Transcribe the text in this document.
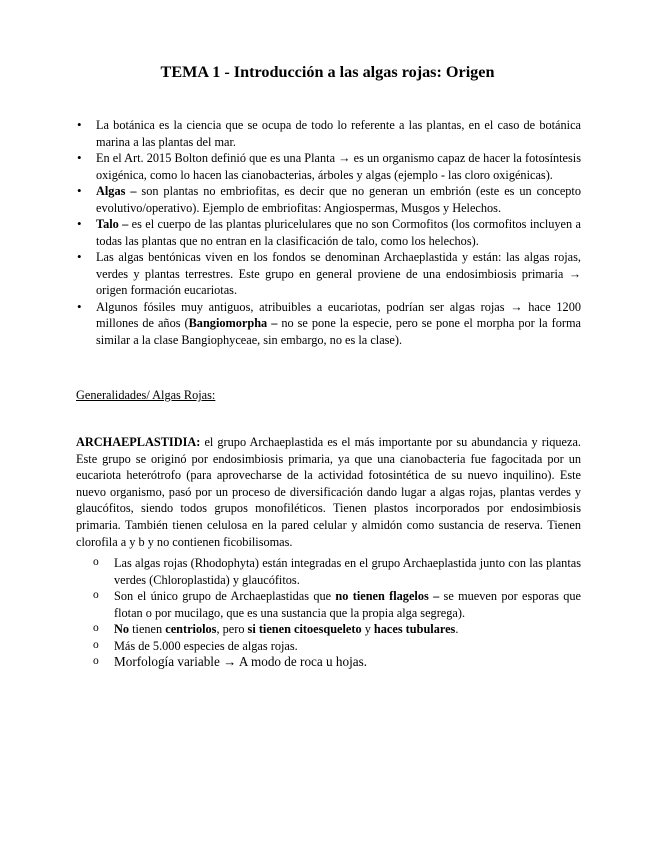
TEMA 1 - Introducción a las algas rojas: Origen
• La botánica es la ciencia que se ocupa de todo lo referente a las plantas, en el caso de botánica marina a las plantas del mar.
• En el Art. 2015 Bolton definió que es una Planta → es un organismo capaz de hacer la fotosíntesis oxigénica, como lo hacen las cianobacterias, árboles y algas (ejemplo - las cloro oxigénicas).
• Algas – son plantas no embriofitas, es decir que no generan un embrión (este es un concepto evolutivo/operativo). Ejemplo de embriofitas: Angiospermas, Musgos y Helechos.
• Talo – es el cuerpo de las plantas pluricelulares que no son Cormofitos (los cormofitos incluyen a todas las plantas que no entran en la clasificación de talo, como los helechos).
• Las algas bentónicas viven en los fondos se denominan Archaeplastida y están: las algas rojas, verdes y plantas terrestres. Este grupo en general proviene de una endosimbiosis primaria → origen formación eucariotas.
• Algunos fósiles muy antiguos, atribuibles a eucariotas, podrían ser algas rojas → hace 1200 millones de años (Bangiomorpha – no se pone la especie, pero se pone el morpha por la forma similar a la clase Bangiophyceae, sin embargo, no es la clase).

Generalidades/ Algas Rojas:

ARCHAEPLASTIDIA: el grupo Archaeplastida es el más importante por su abundancia y riqueza. Este grupo se originó por endosimbiosis primaria, ya que una cianobacteria fue fagocitada por un eucariota heterótrofo (para aprovecharse de la actividad fotosintética de su nuevo inquilino). Este nuevo organismo, pasó por un proceso de diversificación dando lugar a algas rojas, plantas verdes y glaucófitos, siendo todos grupos monofiléticos. Tienen plastos incorporados por endosimbiosis primaria. También tienen celulosa en la pared celular y almidón como sustancia de reserva. Tienen clorofila a y b y no contienen ficobilisomas.

o Las algas rojas (Rhodophyta) están integradas en el grupo Archaeplastida junto con las plantas verdes (Chloroplastida) y glaucófitos.
o Son el único grupo de Archaeplastidas que no tienen flagelos – se mueven por esporas que flotan o por mucilago, que es una sustancia que la propia alga segrega).
o No tienen centriolos, pero si tienen citoesqueleto y haces tubulares.
o Más de 5.000 especies de algas rojas.
o Morfología variable → A modo de roca u hojas.
